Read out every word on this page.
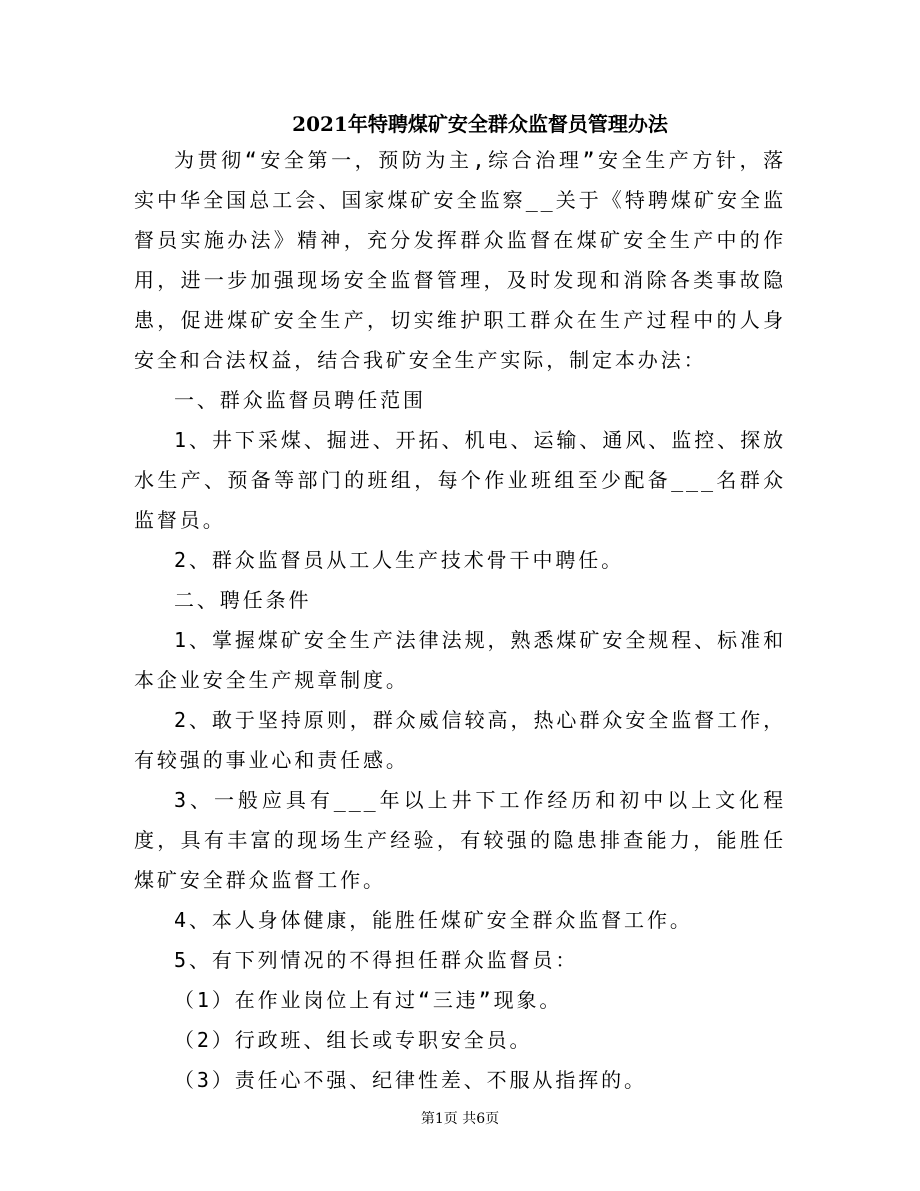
2021年特聘煤矿安全群众监督员管理办法

为贯彻“安全第一，预防为主,综合治理”安全生产方针，落实中华全国总工会、国家煤矿安全监察__关于《特聘煤矿安全监督员实施办法》精神，充分发挥群众监督在煤矿安全生产中的作用，进一步加强现场安全监督管理，及时发现和消除各类事故隐患，促进煤矿安全生产，切实维护职工群众在生产过程中的人身安全和合法权益，结合我矿安全生产实际，制定本办法：

一、群众监督员聘任范围

1、井下采煤、掘进、开拓、机电、运输、通风、监控、探放水生产、预备等部门的班组，每个作业班组至少配备___名群众监督员。

2、群众监督员从工人生产技术骨干中聘任。

二、聘任条件

1、掌握煤矿安全生产法律法规，熟悉煤矿安全规程、标准和本企业安全生产规章制度。

2、敢于坚持原则，群众威信较高，热心群众安全监督工作，有较强的事业心和责任感。

3、一般应具有___年以上井下工作经历和初中以上文化程度，具有丰富的现场生产经验，有较强的隐患排查能力，能胜任煤矿安全群众监督工作。

4、本人身体健康，能胜任煤矿安全群众监督工作。

5、有下列情况的不得担任群众监督员：

（1）在作业岗位上有过“三违”现象。

（2）行政班、组长或专职安全员。

（3）责任心不强、纪律性差、不服从指挥的。

第1页 共6页
